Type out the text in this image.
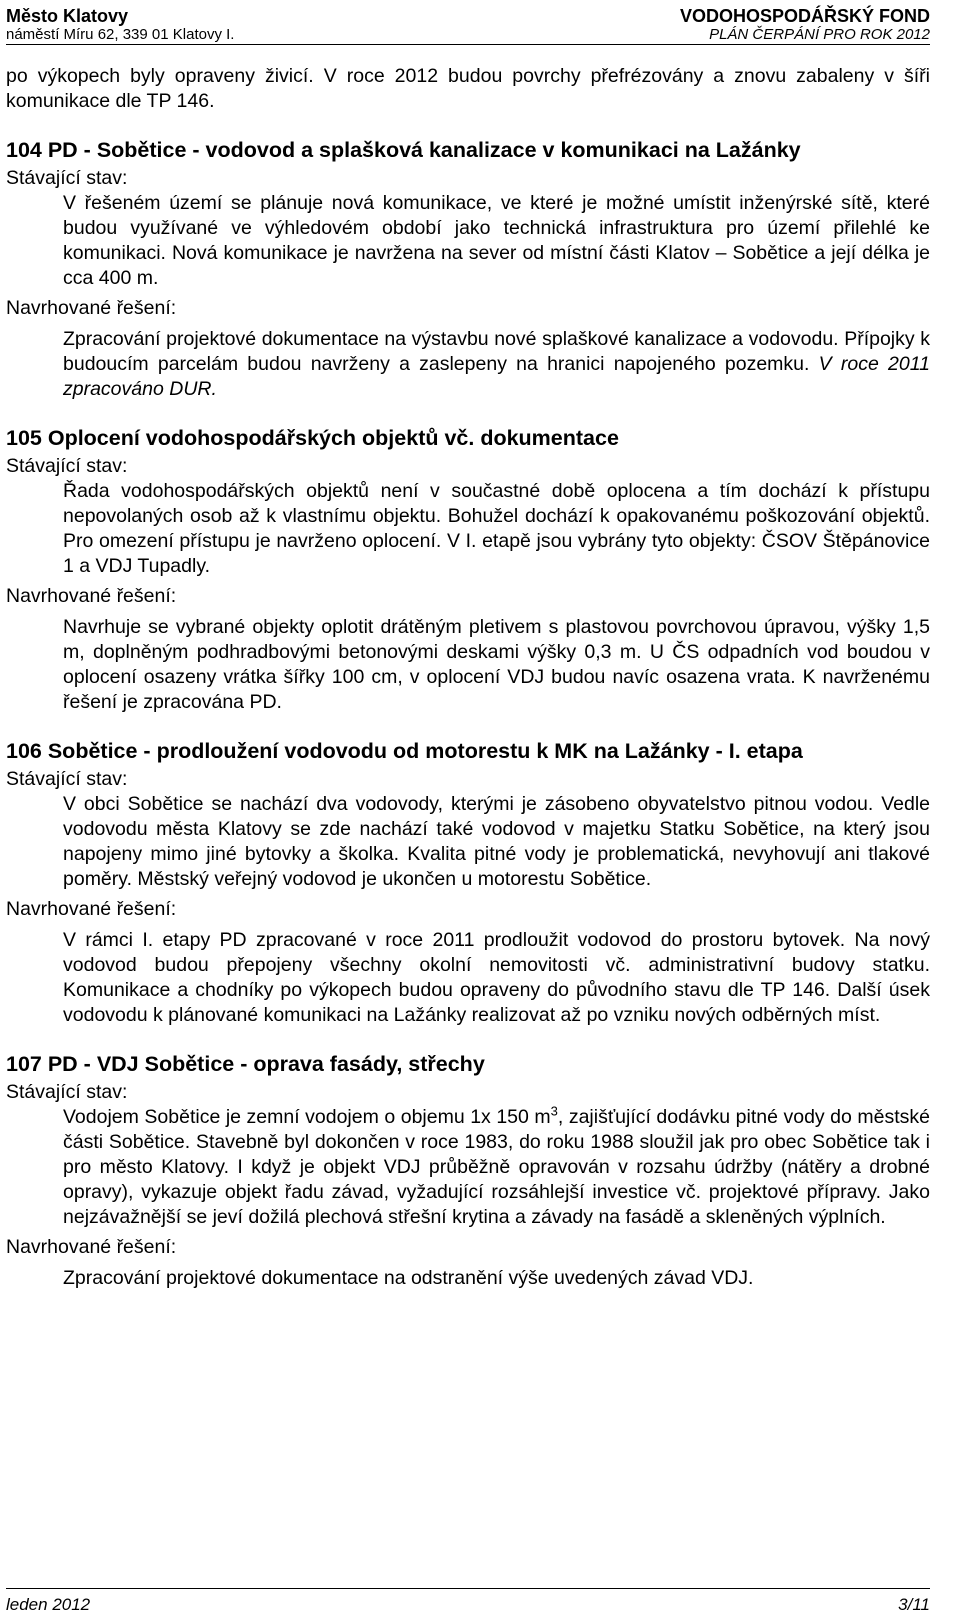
Město Klatovy
náměstí Míru 62, 339 01 Klatovy I.
VODOHOSPODÁŘSKÝ FOND
PLÁN ČERPÁNÍ PRO ROK 2012

po výkopech byly opraveny živicí. V roce 2012 budou povrchy přefrézovány a znovu zabaleny v šíři komunikace dle TP 146.

104 PD - Sobětice - vodovod a splašková kanalizace v komunikaci na Lažánky
Stávající stav:

V řešeném území se plánuje nová komunikace, ve které je možné umístit inženýrské sítě, které budou využívané ve výhledovém období jako technická infrastruktura pro území přilehlé ke komunikaci. Nová komunikace je navržena na sever od místní části Klatov – Sobětice a její délka je cca 400 m.

Navrhované řešení:

Zpracování projektové dokumentace na výstavbu nové splaškové kanalizace a vodovodu. Přípojky k budoucím parcelám budou navrženy a zaslepeny na hranici napojeného pozemku. V roce 2011 zpracováno DUR.

105 Oplocení vodohospodářských objektů vč. dokumentace
Stávající stav:

Řada vodohospodářských objektů není v součastné době oplocena a tím dochází k přístupu nepovolaných osob až k vlastnímu objektu. Bohužel dochází k opakovanému poškozování objektů. Pro omezení přístupu je navrženo oplocení. V I. etapě jsou vybrány tyto objekty: ČSOV Štěpánovice 1 a VDJ Tupadly.

Navrhované řešení:

Navrhuje se vybrané objekty oplotit drátěným pletivem s plastovou povrchovou úpravou, výšky 1,5 m, doplněným podhradbovými betonovými deskami výšky 0,3 m. U ČS odpadních vod boudou v oplocení osazeny vrátka šířky 100 cm, v oplocení VDJ budou navíc osazena vrata. K navrženému řešení je zpracována PD.

106 Sobětice - prodloužení vodovodu od motorestu k MK na Lažánky - I. etapa
Stávající stav:

V obci Sobětice se nachází dva vodovody, kterými je zásobeno obyvatelstvo pitnou vodou. Vedle vodovodu města Klatovy se zde nachází také vodovod v majetku Statku Sobětice, na který jsou napojeny mimo jiné bytovky a školka. Kvalita pitné vody je problematická, nevyhovují ani tlakové poměry. Městský veřejný vodovod je ukončen u motorestu Sobětice.

Navrhované řešení:

V rámci I. etapy PD zpracované v roce 2011 prodloužit vodovod do prostoru bytovek. Na nový vodovod budou přepojeny všechny okolní nemovitosti vč. administrativní budovy statku. Komunikace a chodníky po výkopech budou opraveny do původního stavu dle TP 146. Další úsek vodovodu k plánované komunikaci na Lažánky realizovat až po vzniku nových odběrných míst.

107 PD - VDJ Sobětice - oprava fasády, střechy
Stávající stav:

Vodojem Sobětice je zemní vodojem o objemu 1x 150 $m^3$, zajišťující dodávku pitné vody do městské části Sobětice. Stavebně byl dokončen v roce 1983, do roku 1988 sloužil jak pro obec Sobětice tak i pro město Klatovy. I když je objekt VDJ průběžně opravován v rozsahu údržby (nátěry a drobné opravy), vykazuje objekt řadu závad, vyžadující rozsáhlejší investice vč. projektové přípravy. Jako nejzávažnější se jeví dožilá plechová střešní krytina a závady na fasádě a skleněných výplních.

Navrhované řešení:

Zpracování projektové dokumentace na odstranění výše uvedených závad VDJ.

leden 2012	3/11
